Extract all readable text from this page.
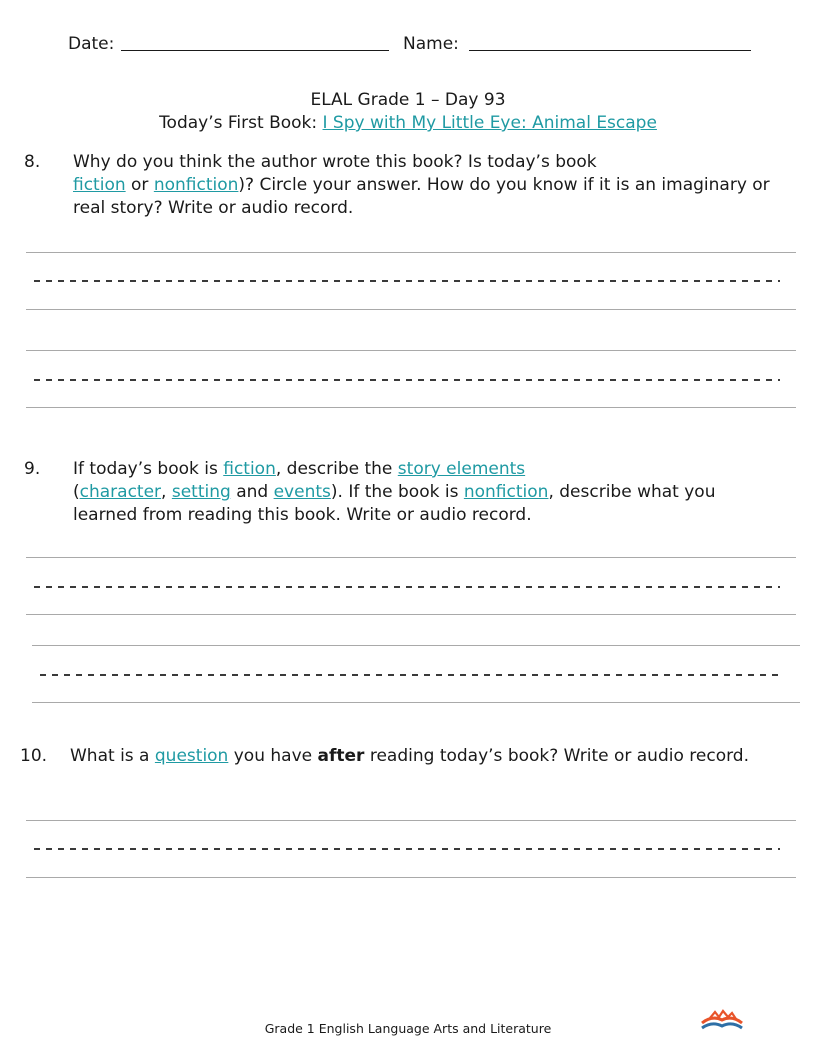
Date:	Name:
ELAL Grade 1 – Day 93
Today’s First Book: I Spy with My Little Eye: Animal Escape
8. Why do you think the author wrote this book? Is today’s book
fiction or nonfiction)? Circle your answer. How do you know if it is an imaginary or
real story? Write or audio record.
9. If today’s book is fiction, describe the story elements
(character, setting and events). If the book is nonfiction, describe what you
learned from reading this book. Write or audio record.
10. What is a question you have after reading today’s book? Write or audio record.
Grade 1 English Language Arts and Literature
